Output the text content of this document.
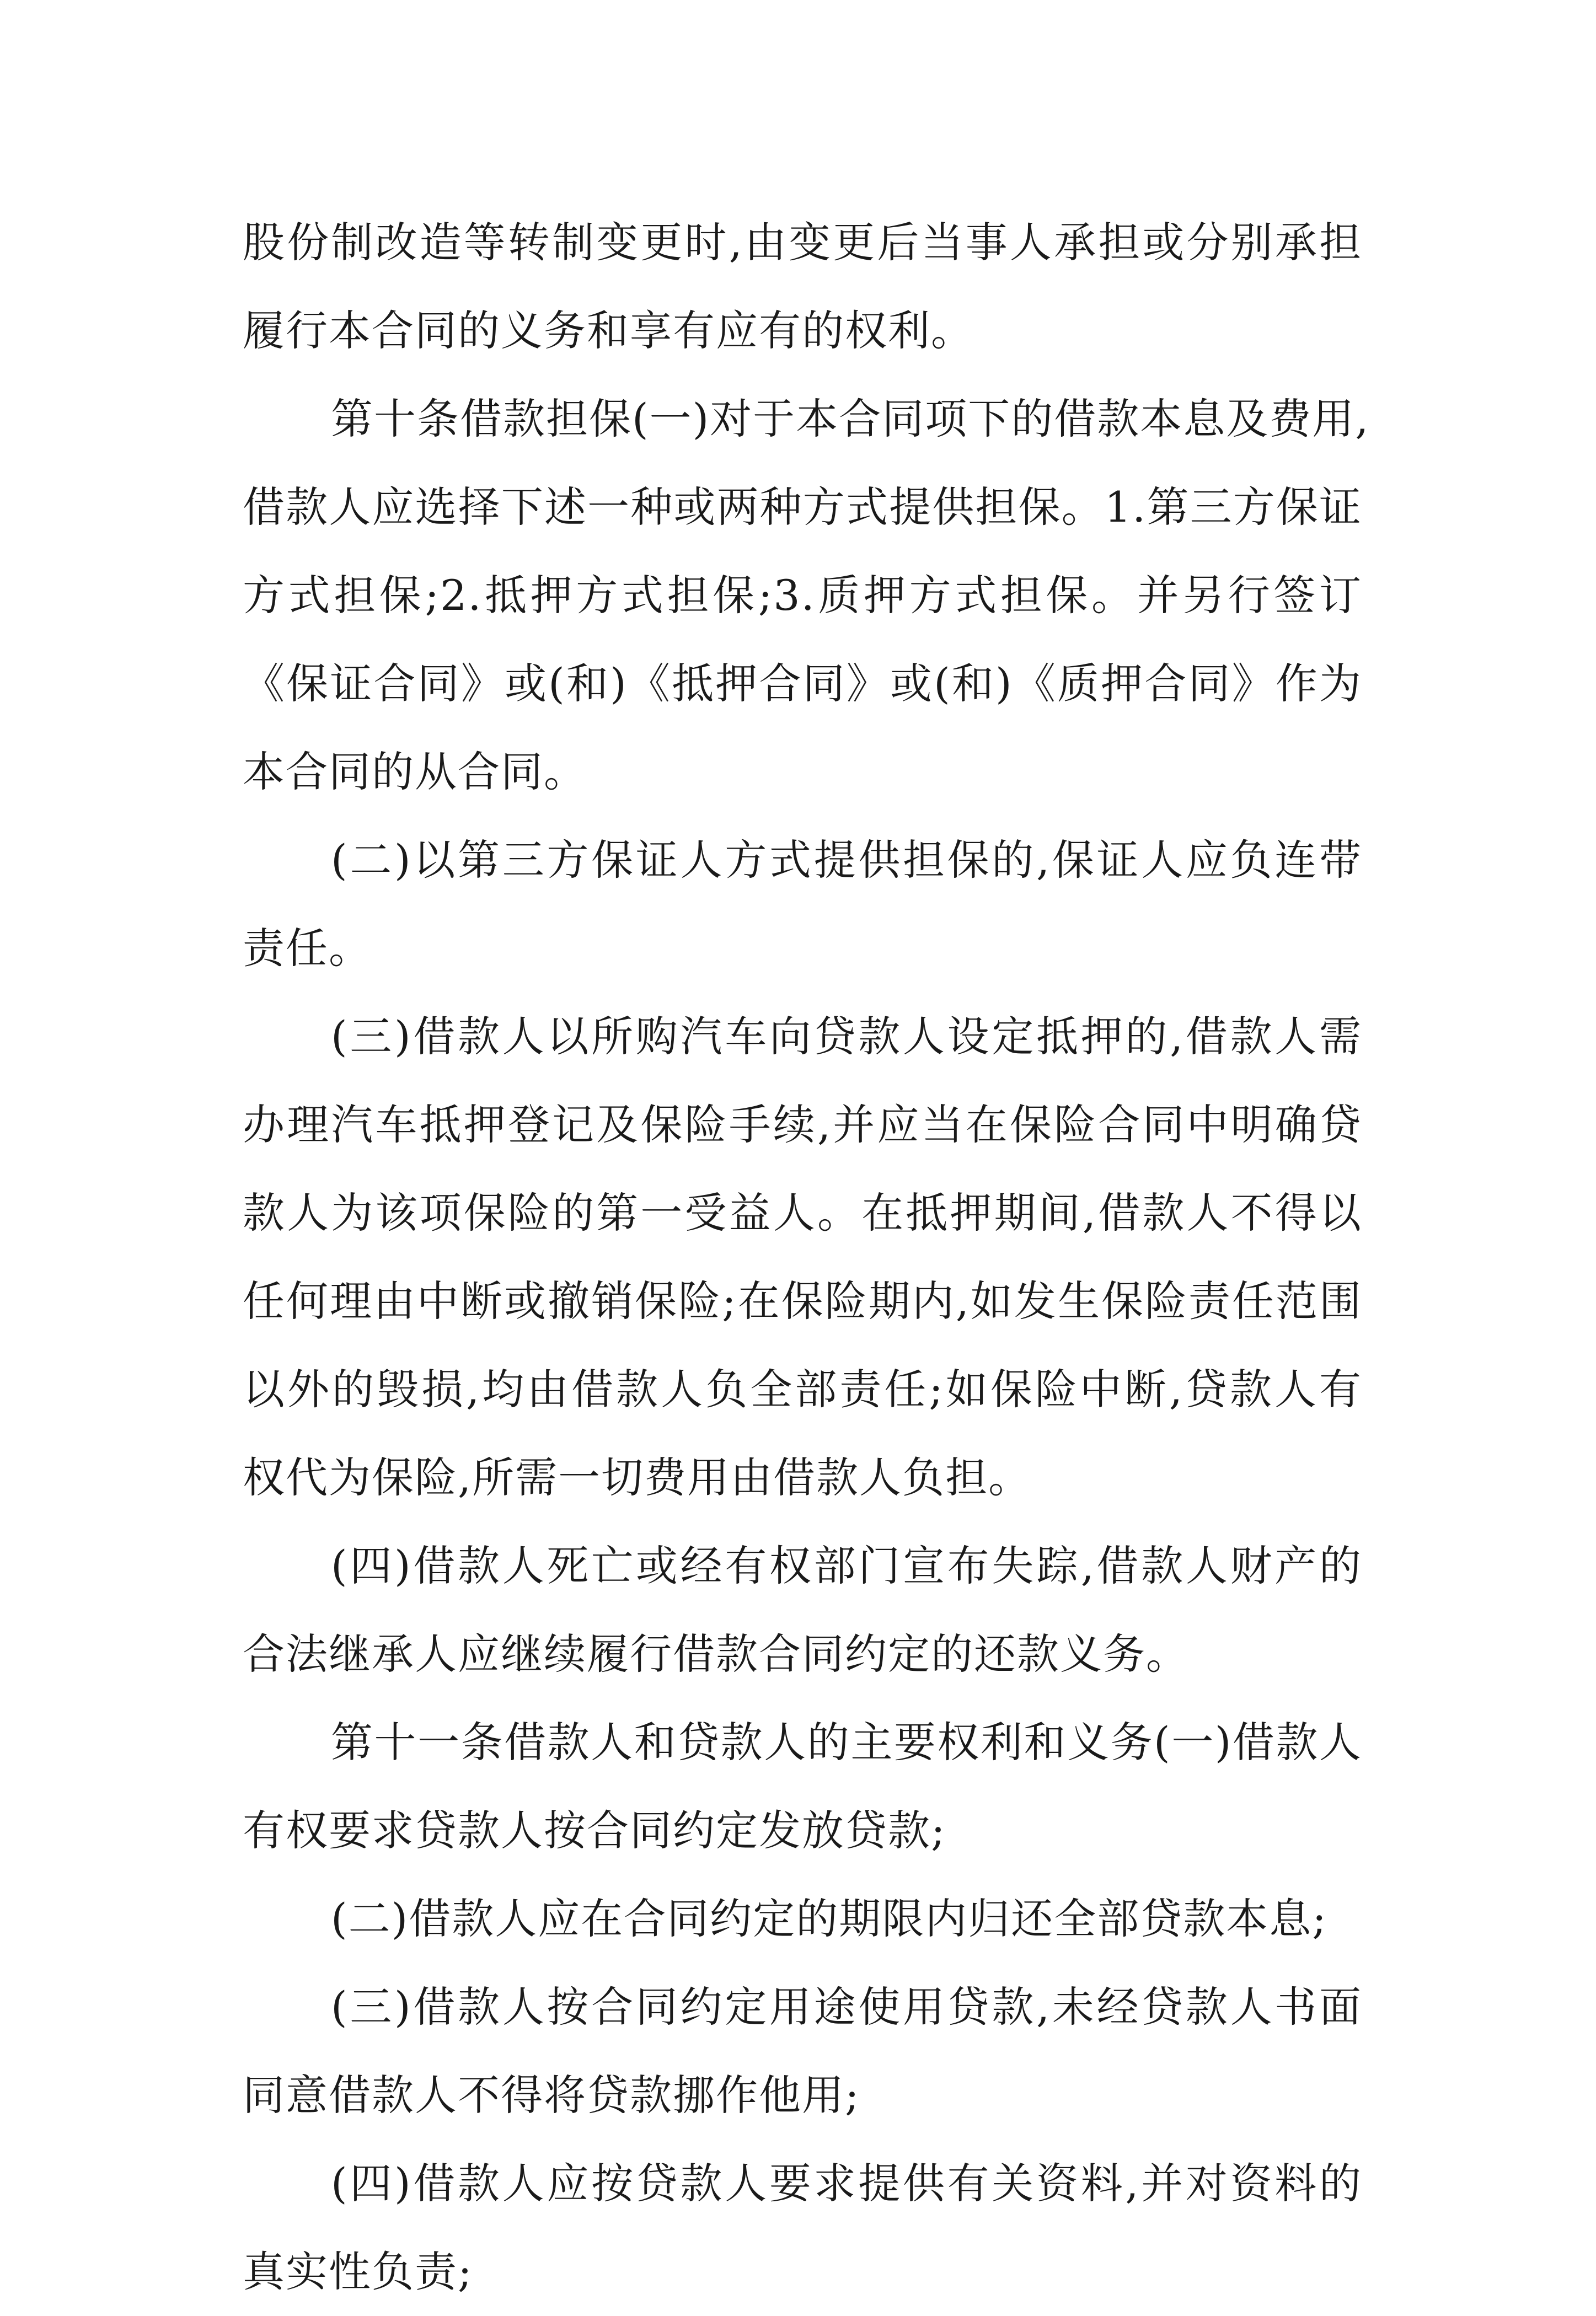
股份制改造等转制变更时,由变更后当事人承担或分别承担
履行本合同的义务和享有应有的权利。
第十条借款担保(一)对于本合同项下的借款本息及费用,
借款人应选择下述一种或两种方式提供担保。1.第三方保证
方式担保;2.抵押方式担保;3.质押方式担保。并另行签订
《保证合同》或(和)《抵押合同》或(和)《质押合同》作为
本合同的从合同。
(二)以第三方保证人方式提供担保的,保证人应负连带
责任。
(三)借款人以所购汽车向贷款人设定抵押的,借款人需
办理汽车抵押登记及保险手续,并应当在保险合同中明确贷
款人为该项保险的第一受益人。在抵押期间,借款人不得以
任何理由中断或撤销保险;在保险期内,如发生保险责任范围
以外的毁损,均由借款人负全部责任;如保险中断,贷款人有
权代为保险,所需一切费用由借款人负担。
(四)借款人死亡或经有权部门宣布失踪,借款人财产的
合法继承人应继续履行借款合同约定的还款义务。
第十一条借款人和贷款人的主要权利和义务(一)借款人
有权要求贷款人按合同约定发放贷款;
(二)借款人应在合同约定的期限内归还全部贷款本息;
(三)借款人按合同约定用途使用贷款,未经贷款人书面
同意借款人不得将贷款挪作他用;
(四)借款人应按贷款人要求提供有关资料,并对资料的
真实性负责;
